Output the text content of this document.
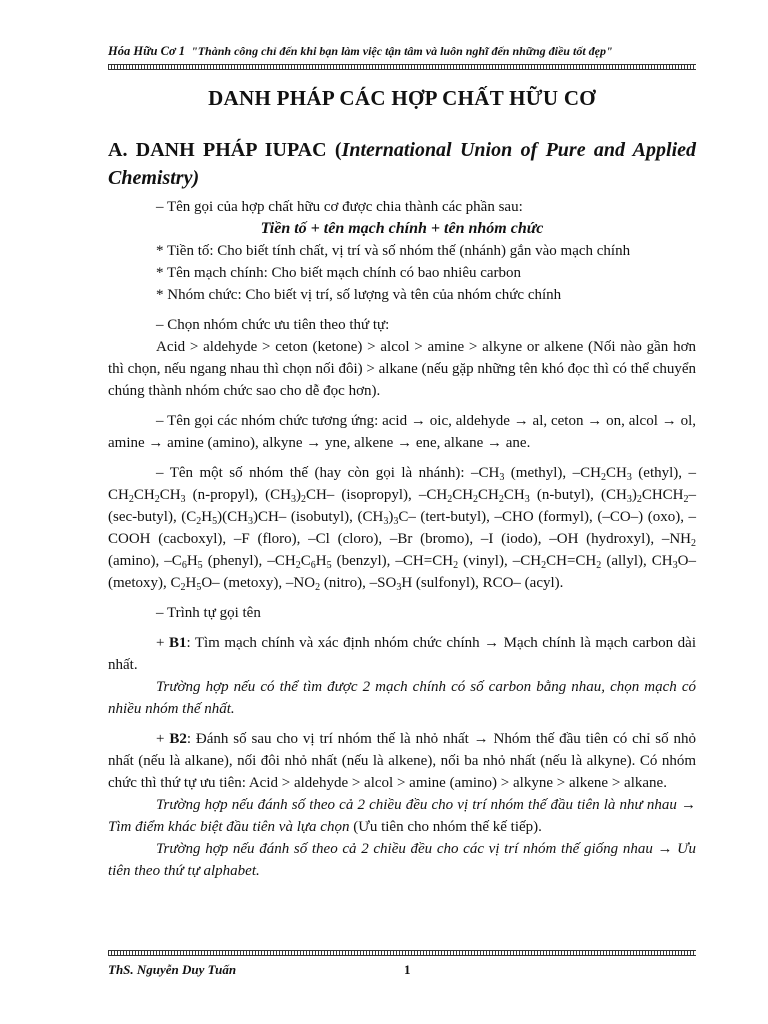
Hóa Hữu Cơ 1 "Thành công chỉ đến khi bạn làm việc tận tâm và luôn nghĩ đến những điều tốt đẹp"
DANH PHÁP CÁC HỢP CHẤT HỮU CƠ
A. DANH PHÁP IUPAC (International Union of Pure and Applied Chemistry)

– Tên gọi của hợp chất hữu cơ được chia thành các phần sau:

Tiền tố + tên mạch chính + tên nhóm chức

* Tiền tố: Cho biết tính chất, vị trí và số nhóm thế (nhánh) gắn vào mạch chính

* Tên mạch chính: Cho biết mạch chính có bao nhiêu carbon

* Nhóm chức: Cho biết vị trí, số lượng và tên của nhóm chức chính

– Chọn nhóm chức ưu tiên theo thứ tự:

Acid > aldehyde > ceton (ketone) > alcol > amine > alkyne or alkene (Nối nào gần hơn thì chọn, nếu ngang nhau thì chọn nối đôi) > alkane (nếu gặp những tên khó đọc thì có thể chuyển chúng thành nhóm chức sao cho dễ đọc hơn).

– Tên gọi các nhóm chức tương ứng: acid → oic, aldehyde → al, ceton → on, alcol → ol, amine → amine (amino), alkyne → yne, alkene → ene, alkane → ane.

– Tên một số nhóm thế (hay còn gọi là nhánh): $-CH_3$ (methyl), $-CH_2CH_3$ (ethyl), $-CH_2CH_2CH_3$ (n-propyl), $(CH_3)_2CH-$ (isopropyl), $-CH_2CH_2CH_2CH_3$ (n-butyl), $(CH_3)_2CHCH_2-$ (sec-butyl), $(C_2H_5)(CH_3)CH-$ (isobutyl), $(CH_3)_3C-$ (tert-butyl), –CHO (formyl), (–CO–) (oxo), –COOH (cacboxyl), –F (floro), –Cl (cloro), –Br (bromo), –I (iodo), –OH (hydroxyl), $-NH_2$ (amino), $-C_6H_5$ (phenyl), $-CH_2C_6H_5$ (benzyl), $-CH=CH_2$ (vinyl), $-CH_2CH=CH_2$ (allyl), $CH_3O-$ (metoxy), $C_2H_5O-$ (metoxy), $-NO_2$ (nitro), $-SO_3H$ (sulfonyl), RCO– (acyl).

– Trình tự gọi tên

+ B1: Tìm mạch chính và xác định nhóm chức chính → Mạch chính là mạch carbon dài nhất.

Trường hợp nếu có thể tìm được 2 mạch chính có số carbon bằng nhau, chọn mạch có nhiều nhóm thế nhất.

+ B2: Đánh số sau cho vị trí nhóm thế là nhỏ nhất → Nhóm thế đầu tiên có chỉ số nhỏ nhất (nếu là alkane), nối đôi nhỏ nhất (nếu là alkene), nối ba nhỏ nhất (nếu là alkyne). Có nhóm chức thì thứ tự ưu tiên: Acid > aldehyde > alcol > amine (amino) > alkyne > alkene > alkane.

Trường hợp nếu đánh số theo cả 2 chiều đều cho vị trí nhóm thế đầu tiên là như nhau → Tìm điểm khác biệt đầu tiên và lựa chọn (Ưu tiên cho nhóm thế kế tiếp).

Trường hợp nếu đánh số theo cả 2 chiều đều cho các vị trí nhóm thế giống nhau → Ưu tiên theo thứ tự alphabet.

ThS. Nguyễn Duy Tuấn	1
